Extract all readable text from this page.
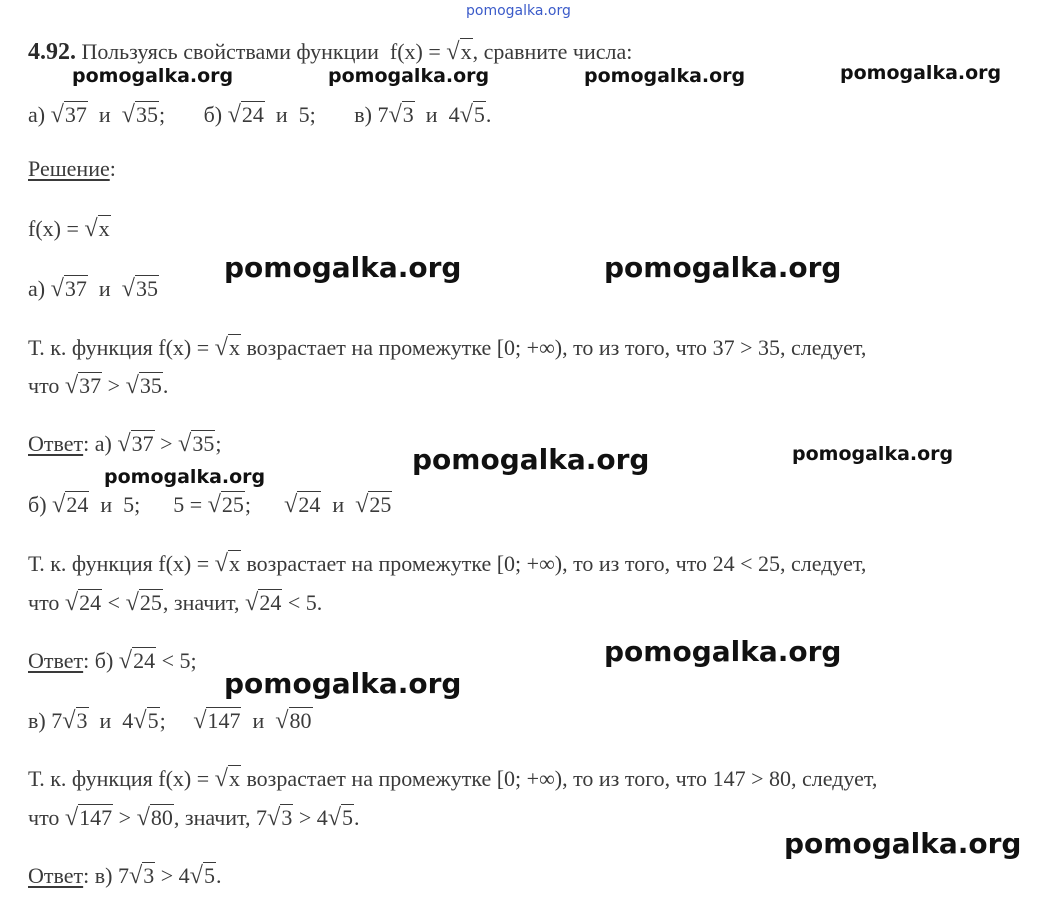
pomogalka.org
pomogalka.org	pomogalka.org	pomogalka.org	pomogalka.org
pomogalka.org	pomogalka.org
pomogalka.org	pomogalka.org
pomogalka.org
pomogalka.org
pomogalka.org
pomogalka.org
4.92. Пользуясь свойствами функции  f(x) = √x, сравните числа:
а) √37  и  √35; б) √24  и  5; в) 7√3  и  4√5.
Решение:
f(x) = √x
а) √37  и  √35
Т. к. функция f(x) = √x возрастает на промежутке [0; +∞), то из того, что 37 > 35, следует,
что √37 > √35.
Ответ: а) √37 > √35;
б) √24  и  5; 5 = √25; √24  и  √25
Т. к. функция f(x) = √x возрастает на промежутке [0; +∞), то из того, что 24 < 25, следует,
что √24 < √25, значит, √24 < 5.
Ответ: б) √24 < 5;
в) 7√3  и  4√5; √147  и  √80
Т. к. функция f(x) = √x возрастает на промежутке [0; +∞), то из того, что 147 > 80, следует,
что √147 > √80, значит, 7√3 > 4√5.
Ответ: в) 7√3 > 4√5.
